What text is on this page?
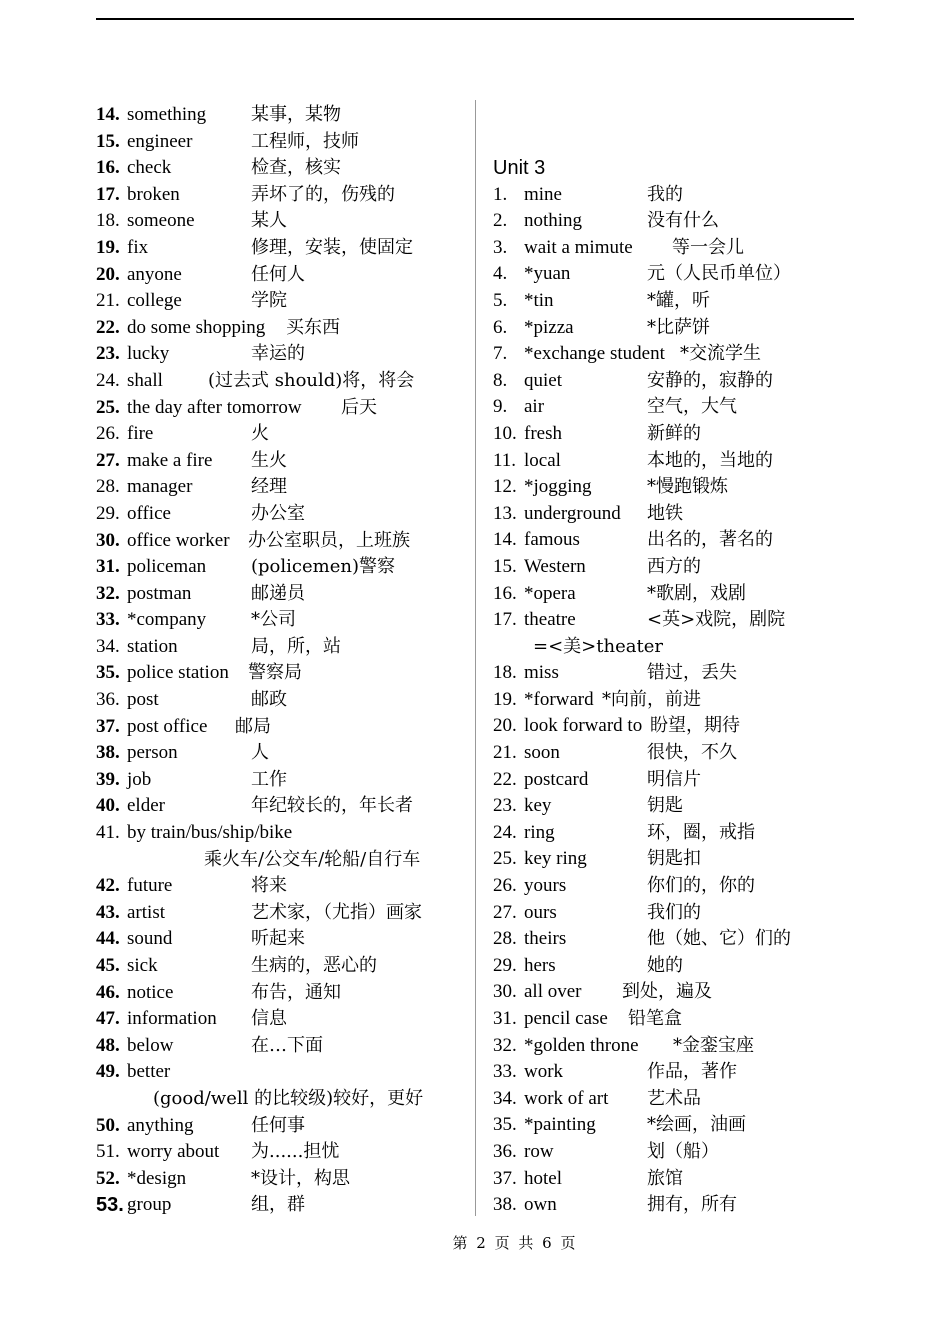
14. something 某事，某物
15. engineer	工程师，技师
16. check	检查，核实
17. broken	弄坏了的，伤残的
18. someone	某人
19. fix	修理，安装，使固定
20. anyone	任何人
21. college	学院
22. do some shopping 买东西
23. lucky	幸运的
24. shall	(过去式 should)将，将会
25. the day after tomorrow 后天
26. fire	火
27. make a fire 生火
28. manager	经理
29. office	办公室
30. office worker 办公室职员，上班族
31. policeman (policemen)警察
32. postman	邮递员
33. *company *公司
34. station	局，所，站
35. police station 警察局
36. post	邮政
37. post office 邮局
38. person	人
39. job	工作
40. elder	年纪较长的，年长者
41. by train/bus/ship/bike
乘火车/公交车/轮船/自行车
42. future	将来
43. artist	艺术家，（尤指）画家
44. sound	听起来
45. sick	生病的，恶心的
46. notice	布告，通知
47. information 信息
48. below	在…下面
49. better
(good/well 的比较级)较好，更好
50. anything	任何事
51. worry about 为......担忧
52. *design	*设计，构思
53. group	组，群
Unit 3
1. mine	我的
2. nothing	没有什么
3. wait a mimute 等一会儿
4. *yuan	元（人民币单位）
5. *tin	*罐，听
6. *pizza	*比萨饼
7. *exchange student *交流学生
8. quiet	安静的，寂静的
9. air	空气，大气
10. fresh	新鲜的
11. local	本地的，当地的
12. *jogging	*慢跑锻炼
13. underground 地铁
14. famous	出名的，著名的
15. Western	西方的
16. *opera	*歌剧，戏剧
17. theatre	<英>戏院，剧院
=<美>theater
18. miss	错过，丢失
19. *forward *向前，前进
20. look forward to 盼望，期待
21. soon	很快，不久
22. postcard	明信片
23. key	钥匙
24. ring	环，圈，戒指
25. key ring	钥匙扣
26. yours	你们的，你的
27. ours	我们的
28. theirs	他（她、它）们的
29. hers	她的
30. all over 到处，遍及
31. pencil case 铅笔盒
32. *golden throne *金銮宝座
33. work	作品，著作
34. work of art 艺术品
35. *painting	*绘画，油画
36. row	划（船）
37. hotel	旅馆
38. own	拥有，所有
第 2 页 共 6 页
